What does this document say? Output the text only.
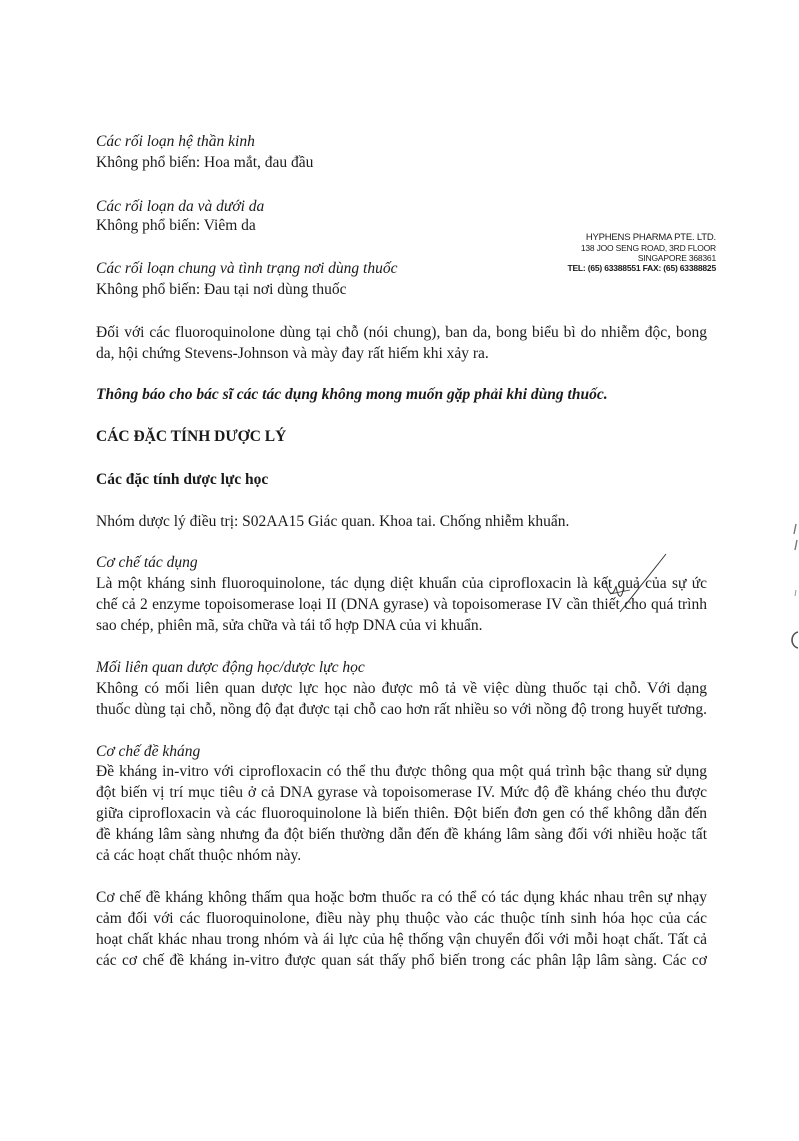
Các rối loạn hệ thần kinh
Không phổ biến: Hoa mắt, đau đầu
Các rối loạn da và dưới da
Không phổ biến: Viêm da
Các rối loạn chung và tình trạng nơi dùng thuốc
Không phổ biến: Đau tại nơi dùng thuốc
HYPHENS PHARMA PTE. LTD.
138 JOO SENG ROAD, 3RD FLOOR
SINGAPORE 368361
TEL: (65) 63388551 FAX: (65) 63388825
Đối với các fluoroquinolone dùng tại chỗ (nói chung), ban da, bong biểu bì do nhiễm độc, bong
da, hội chứng Stevens-Johnson và mày đay rất hiếm khi xảy ra.
Thông báo cho bác sĩ các tác dụng không mong muốn gặp phải khi dùng thuốc.
CÁC ĐẶC TÍNH DƯỢC LÝ
Các đặc tính dược lực học
Nhóm dược lý điều trị: S02AA15 Giác quan. Khoa tai. Chống nhiễm khuẩn.
Cơ chế tác dụng
Là một kháng sinh fluoroquinolone, tác dụng diệt khuẩn của ciprofloxacin là kết quả của sự ức
chế cả 2 enzyme topoisomerase loại II (DNA gyrase) và topoisomerase IV cần thiết cho quá trình
sao chép, phiên mã, sửa chữa và tái tổ hợp DNA của vi khuẩn.
Mối liên quan dược động học/dược lực học
Không có mối liên quan dược lực học nào được mô tả về việc dùng thuốc tại chỗ. Với dạng
thuốc dùng tại chỗ, nồng độ đạt được tại chỗ cao hơn rất nhiều so với nồng độ trong huyết tương.
Cơ chế đề kháng
Đề kháng in-vitro với ciprofloxacin có thể thu được thông qua một quá trình bậc thang sử dụng
đột biến vị trí mục tiêu ở cả DNA gyrase và topoisomerase IV. Mức độ đề kháng chéo thu được
giữa ciprofloxacin và các fluoroquinolone là biến thiên. Đột biến đơn gen có thể không dẫn đến
đề kháng lâm sàng nhưng đa đột biến thường dẫn đến đề kháng lâm sàng đối với nhiều hoặc tất
cả các hoạt chất thuộc nhóm này.
Cơ chế đề kháng không thấm qua hoặc bơm thuốc ra có thể có tác dụng khác nhau trên sự nhạy
cảm đối với các fluoroquinolone, điều này phụ thuộc vào các thuộc tính sinh hóa học của các
hoạt chất khác nhau trong nhóm và ái lực của hệ thống vận chuyển đối với mỗi hoạt chất. Tất cả
các cơ chế đề kháng in-vitro được quan sát thấy phổ biến trong các phân lập lâm sàng. Các cơ
